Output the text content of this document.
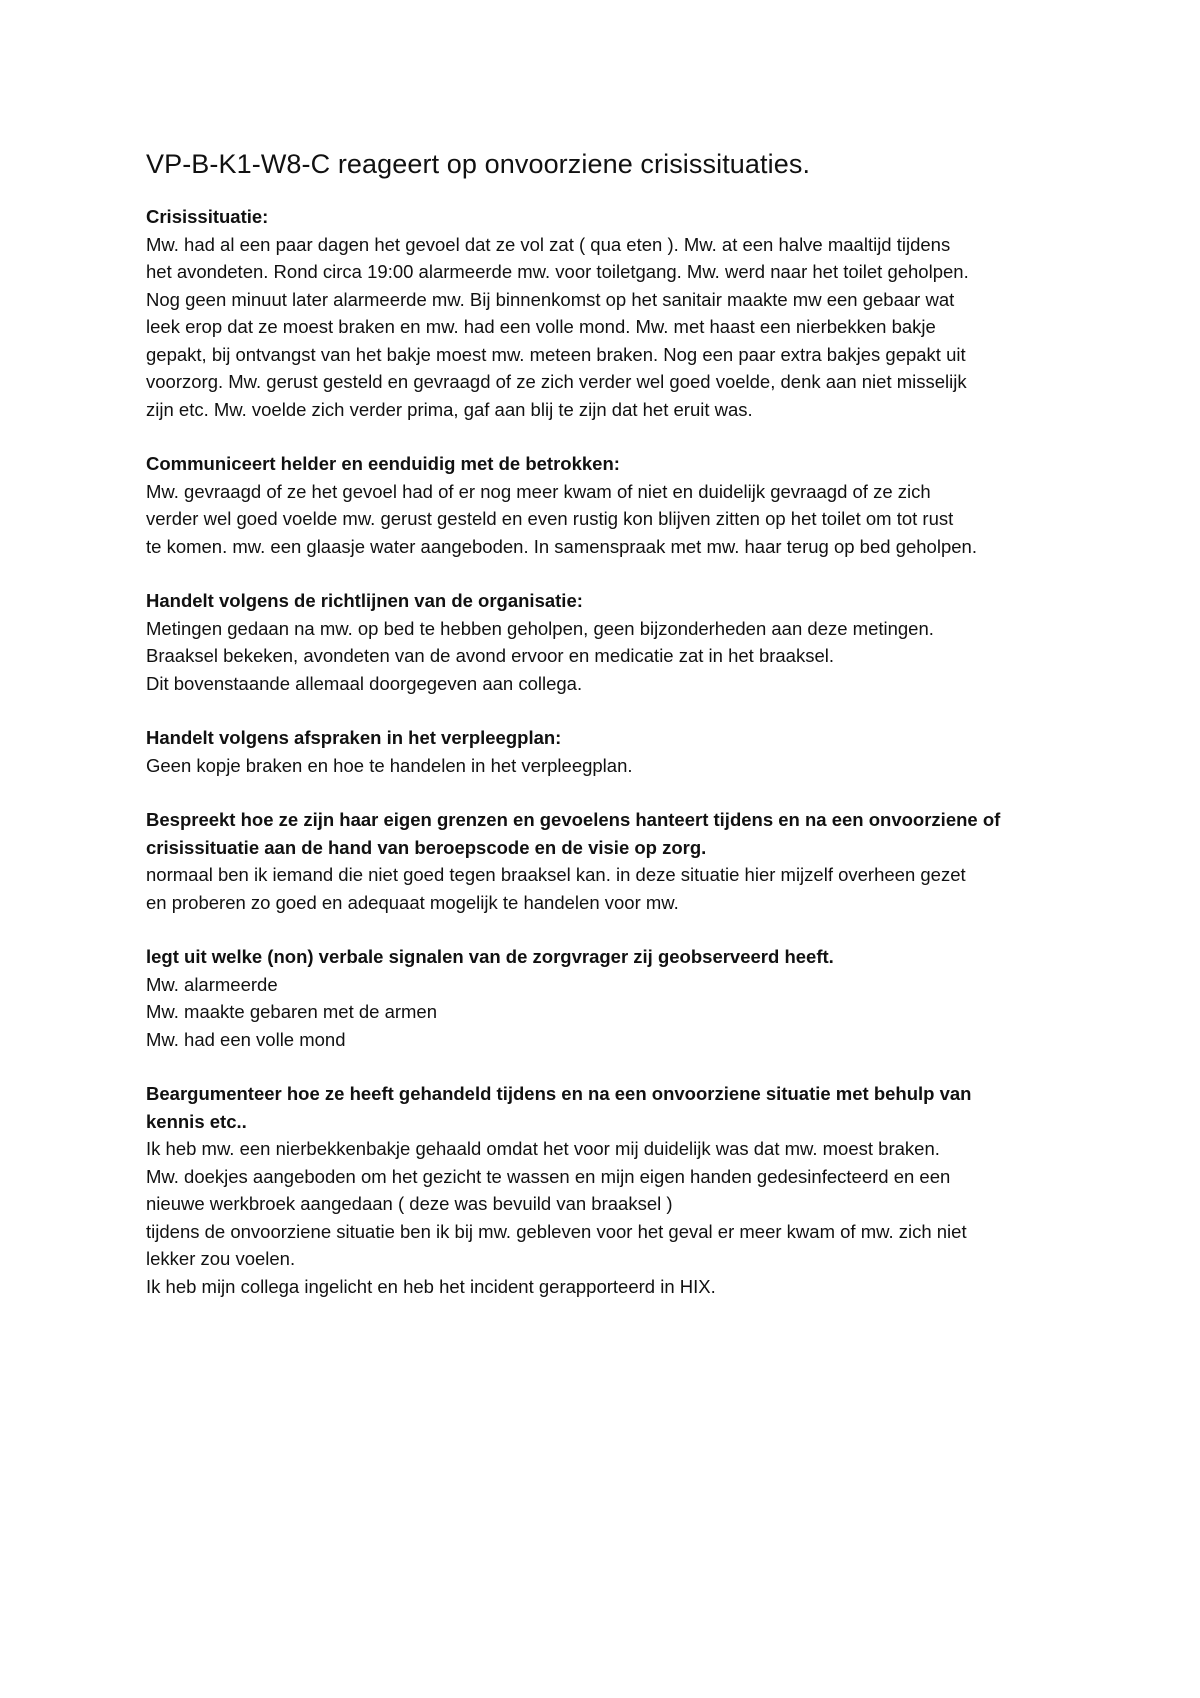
VP-B-K1-W8-C reageert op onvoorziene crisissituaties.
Crisissituatie:
Mw. had al een paar dagen het gevoel dat ze vol zat ( qua eten ). Mw. at een halve maaltijd tijdens
het avondeten. Rond circa 19:00 alarmeerde mw. voor toiletgang. Mw. werd naar het toilet geholpen.
Nog geen minuut later alarmeerde mw. Bij binnenkomst op het sanitair maakte mw een gebaar wat
leek erop dat ze moest braken en mw. had een volle mond. Mw. met haast een nierbekken bakje
gepakt, bij ontvangst van het bakje moest mw. meteen braken. Nog een paar extra bakjes gepakt uit
voorzorg. Mw. gerust gesteld en gevraagd of ze zich verder wel goed voelde, denk aan niet misselijk
zijn etc. Mw. voelde zich verder prima, gaf aan blij te zijn dat het eruit was.
Communiceert helder en eenduidig met de betrokken:
Mw. gevraagd of ze het gevoel had of er nog meer kwam of niet en duidelijk gevraagd of ze zich
verder wel goed voelde mw. gerust gesteld en even rustig kon blijven zitten op het toilet om tot rust
te komen. mw. een glaasje water aangeboden. In samenspraak met mw. haar terug op bed geholpen.
Handelt volgens de richtlijnen van de organisatie:
Metingen gedaan na mw. op bed te hebben geholpen, geen bijzonderheden aan deze metingen.
Braaksel bekeken, avondeten van de avond ervoor en medicatie zat in het braaksel.
Dit bovenstaande allemaal doorgegeven aan collega.
Handelt volgens afspraken in het verpleegplan:
Geen kopje braken en hoe te handelen in het verpleegplan.
Bespreekt hoe ze zijn haar eigen grenzen en gevoelens hanteert tijdens en na een onvoorziene of
crisissituatie aan de hand van beroepscode en de visie op zorg.
normaal ben ik iemand die niet goed tegen braaksel kan. in deze situatie hier mijzelf overheen gezet
en proberen zo goed en adequaat mogelijk te handelen voor mw.
legt uit welke (non) verbale signalen van de zorgvrager zij geobserveerd heeft.
Mw. alarmeerde
Mw. maakte gebaren met de armen
Mw. had een volle mond
Beargumenteer hoe ze heeft gehandeld tijdens en na een onvoorziene situatie met behulp van
kennis etc..
Ik heb mw. een nierbekkenbakje gehaald omdat het voor mij duidelijk was dat mw. moest braken.
Mw. doekjes aangeboden om het gezicht te wassen en mijn eigen handen gedesinfecteerd en een
nieuwe werkbroek aangedaan ( deze was bevuild van braaksel )
tijdens de onvoorziene situatie ben ik bij mw. gebleven voor het geval er meer kwam of mw. zich niet
lekker zou voelen.
Ik heb mijn collega ingelicht en heb het incident gerapporteerd in HIX.
